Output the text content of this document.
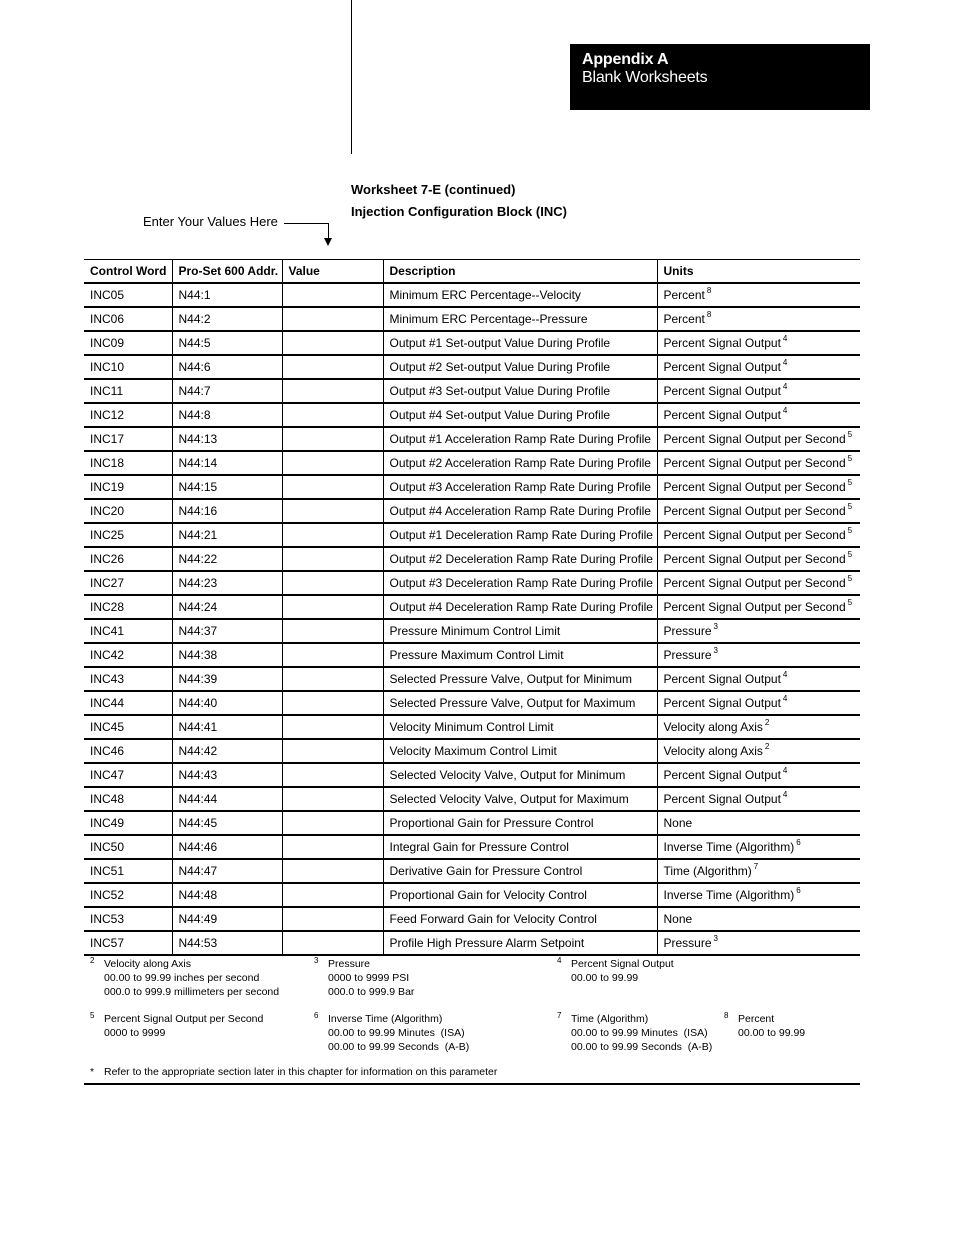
Appendix A
Blank Worksheets
Worksheet 7-E (continued)
Injection Configuration Block (INC)
Enter Your Values Here
Control Word	Pro-Set 600 Addr.	Value	Description	Units
INC05	N44:1		Minimum ERC Percentage--Velocity	Percent $^8$
INC06	N44:2		Minimum ERC Percentage--Pressure	Percent $^8$
INC09	N44:5		Output #1 Set-output Value During Profile	Percent Signal Output $^4$
INC10	N44:6		Output #2 Set-output Value During Profile	Percent Signal Output $^4$
INC11	N44:7		Output #3 Set-output Value During Profile	Percent Signal Output $^4$
INC12	N44:8		Output #4 Set-output Value During Profile	Percent Signal Output $^4$
INC17	N44:13		Output #1 Acceleration Ramp Rate During Profile	Percent Signal Output per Second $^5$
INC18	N44:14		Output #2 Acceleration Ramp Rate During Profile	Percent Signal Output per Second $^5$
INC19	N44:15		Output #3 Acceleration Ramp Rate During Profile	Percent Signal Output per Second $^5$
INC20	N44:16		Output #4 Acceleration Ramp Rate During Profile	Percent Signal Output per Second $^5$
INC25	N44:21		Output #1 Deceleration Ramp Rate During Profile	Percent Signal Output per Second $^5$
INC26	N44:22		Output #2 Deceleration Ramp Rate During Profile	Percent Signal Output per Second $^5$
INC27	N44:23		Output #3 Deceleration Ramp Rate During Profile	Percent Signal Output per Second $^5$
INC28	N44:24		Output #4 Deceleration Ramp Rate During Profile	Percent Signal Output per Second $^5$
INC41	N44:37		Pressure Minimum Control Limit	Pressure $^3$
INC42	N44:38		Pressure Maximum Control Limit	Pressure $^3$
INC43	N44:39		Selected Pressure Valve, Output for Minimum	Percent Signal Output $^4$
INC44	N44:40		Selected Pressure Valve, Output for Maximum	Percent Signal Output $^4$
INC45	N44:41		Velocity Minimum Control Limit	Velocity along Axis $^2$
INC46	N44:42		Velocity Maximum Control Limit	Velocity along Axis $^2$
INC47	N44:43		Selected Velocity Valve, Output for Minimum	Percent Signal Output $^4$
INC48	N44:44		Selected Velocity Valve, Output for Maximum	Percent Signal Output $^4$
INC49	N44:45		Proportional Gain for Pressure Control	None
INC50	N44:46		Integral Gain for Pressure Control	Inverse Time (Algorithm) $^6$
INC51	N44:47		Derivative Gain for Pressure Control	Time (Algorithm) $^7$
INC52	N44:48		Proportional Gain for Velocity Control	Inverse Time (Algorithm) $^6$
INC53	N44:49		Feed Forward Gain for Velocity Control	None
INC57	N44:53		Profile High Pressure Alarm Setpoint	Pressure $^3$
2 Velocity along Axis
00.00 to 99.99 inches per second
000.0 to 999.9 millimeters per second
3 Pressure
0000 to 9999 PSI
000.0 to 999.9 Bar
4 Percent Signal Output
00.00 to 99.99
5 Percent Signal Output per Second
0000 to 9999
6 Inverse Time (Algorithm)
00.00 to 99.99 Minutes  (ISA)
00.00 to 99.99 Seconds  (A-B)
7 Time (Algorithm)
00.00 to 99.99 Minutes  (ISA)
00.00 to 99.99 Seconds  (A-B)
8 Percent
00.00 to 99.99
* Refer to the appropriate section later in this chapter for information on this parameter
